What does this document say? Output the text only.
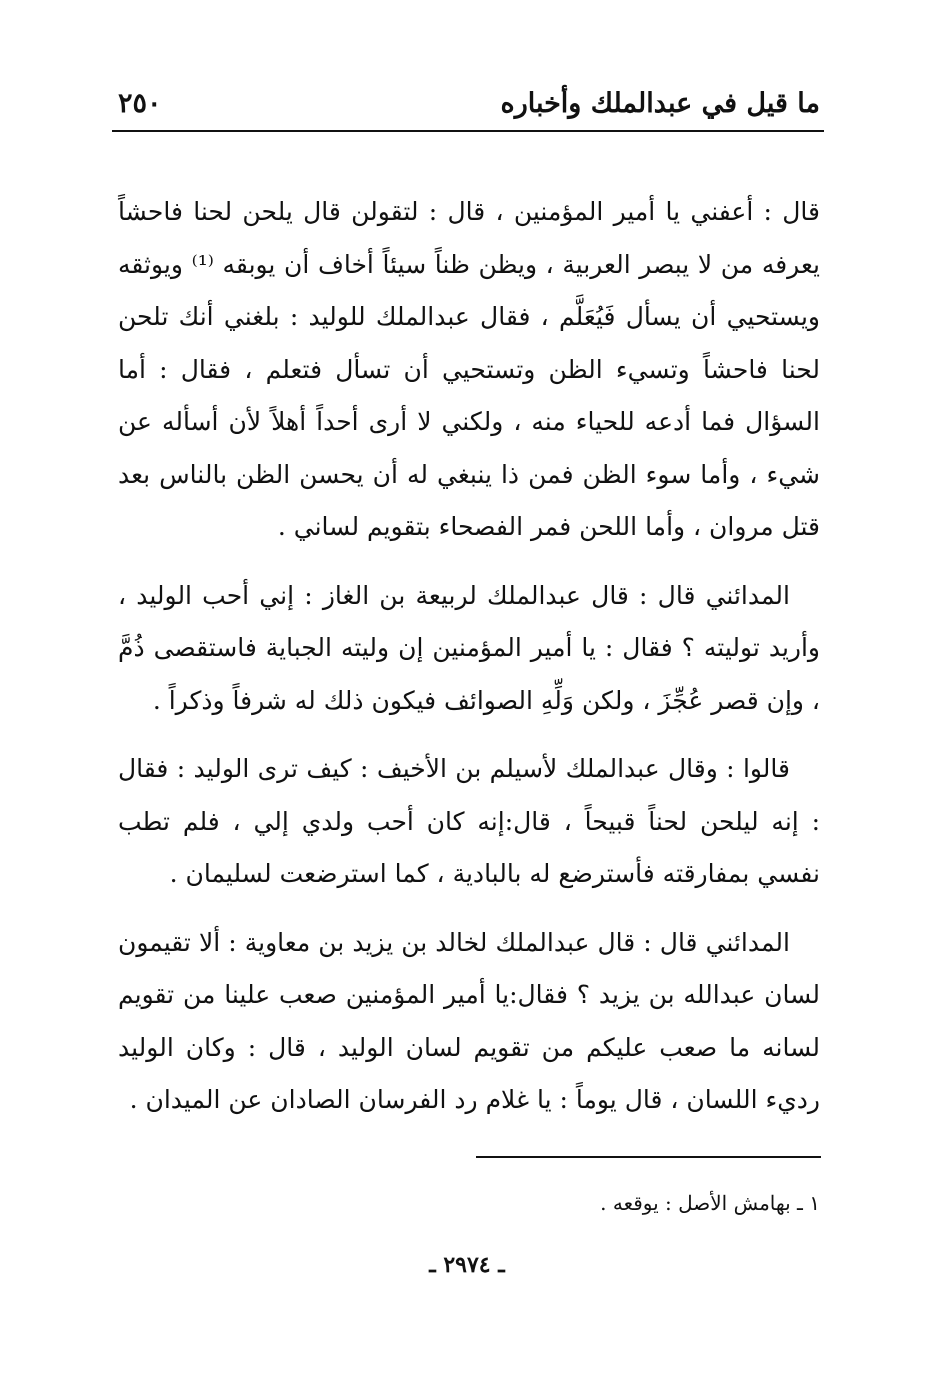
ما قيل في عبدالملك وأخباره
٢٥٠

قال : أعفني يا أمير المؤمنين ، قال : لتقولن قال يلحن لحنا فاحشاً يعرفه من لا يبصر العربية ، ويظن ظناً سيئاً أخاف أن يوبقه ⁽¹⁾ ويوثقه ويستحيي أن يسأل فَيُعَلَّم ، فقال عبدالملك للوليد : بلغني أنك تلحن لحنا فاحشاً وتسيء الظن وتستحيي أن تسأل فتعلم ، فقال : أما السؤال فما أدعه للحياء منه ، ولكني لا أرى أحداً أهلاً لأن أسأله عن شيء ، وأما سوء الظن فمن ذا ينبغي له أن يحسن الظن بالناس بعد قتل مروان ، وأما اللحن فمر الفصحاء بتقويم لساني .

المدائني قال : قال عبدالملك لربيعة بن الغاز : إني أحب الوليد ، وأريد توليته ؟ فقال : يا أمير المؤمنين إن وليته الجباية فاستقصى ذُمَّ ، وإن قصر عُجِّزَ ، ولكن وَلِّهِ الصوائف فيكون ذلك له شرفاً وذكراً .

قالوا : وقال عبدالملك لأسيلم بن الأخيف : كيف ترى الوليد : فقال : إنه ليلحن لحناً قبيحاً ، قال:إنه كان أحب ولدي إلي ، فلم تطب نفسي بمفارقته فأسترضع له بالبادية ، كما استرضعت لسليمان .

المدائني قال : قال عبدالملك لخالد بن يزيد بن معاوية : ألا تقيمون لسان عبدالله بن يزيد ؟ فقال:يا أمير المؤمنين صعب علينا من تقويم لسانه ما صعب عليكم من تقويم لسان الوليد ، قال : وكان الوليد رديء اللسان ، قال يوماً : يا غلام رد الفرسان الصادان عن الميدان .

١ ـ بهامش الأصل : يوقعه .
ـ ٢٩٧٤ ـ
